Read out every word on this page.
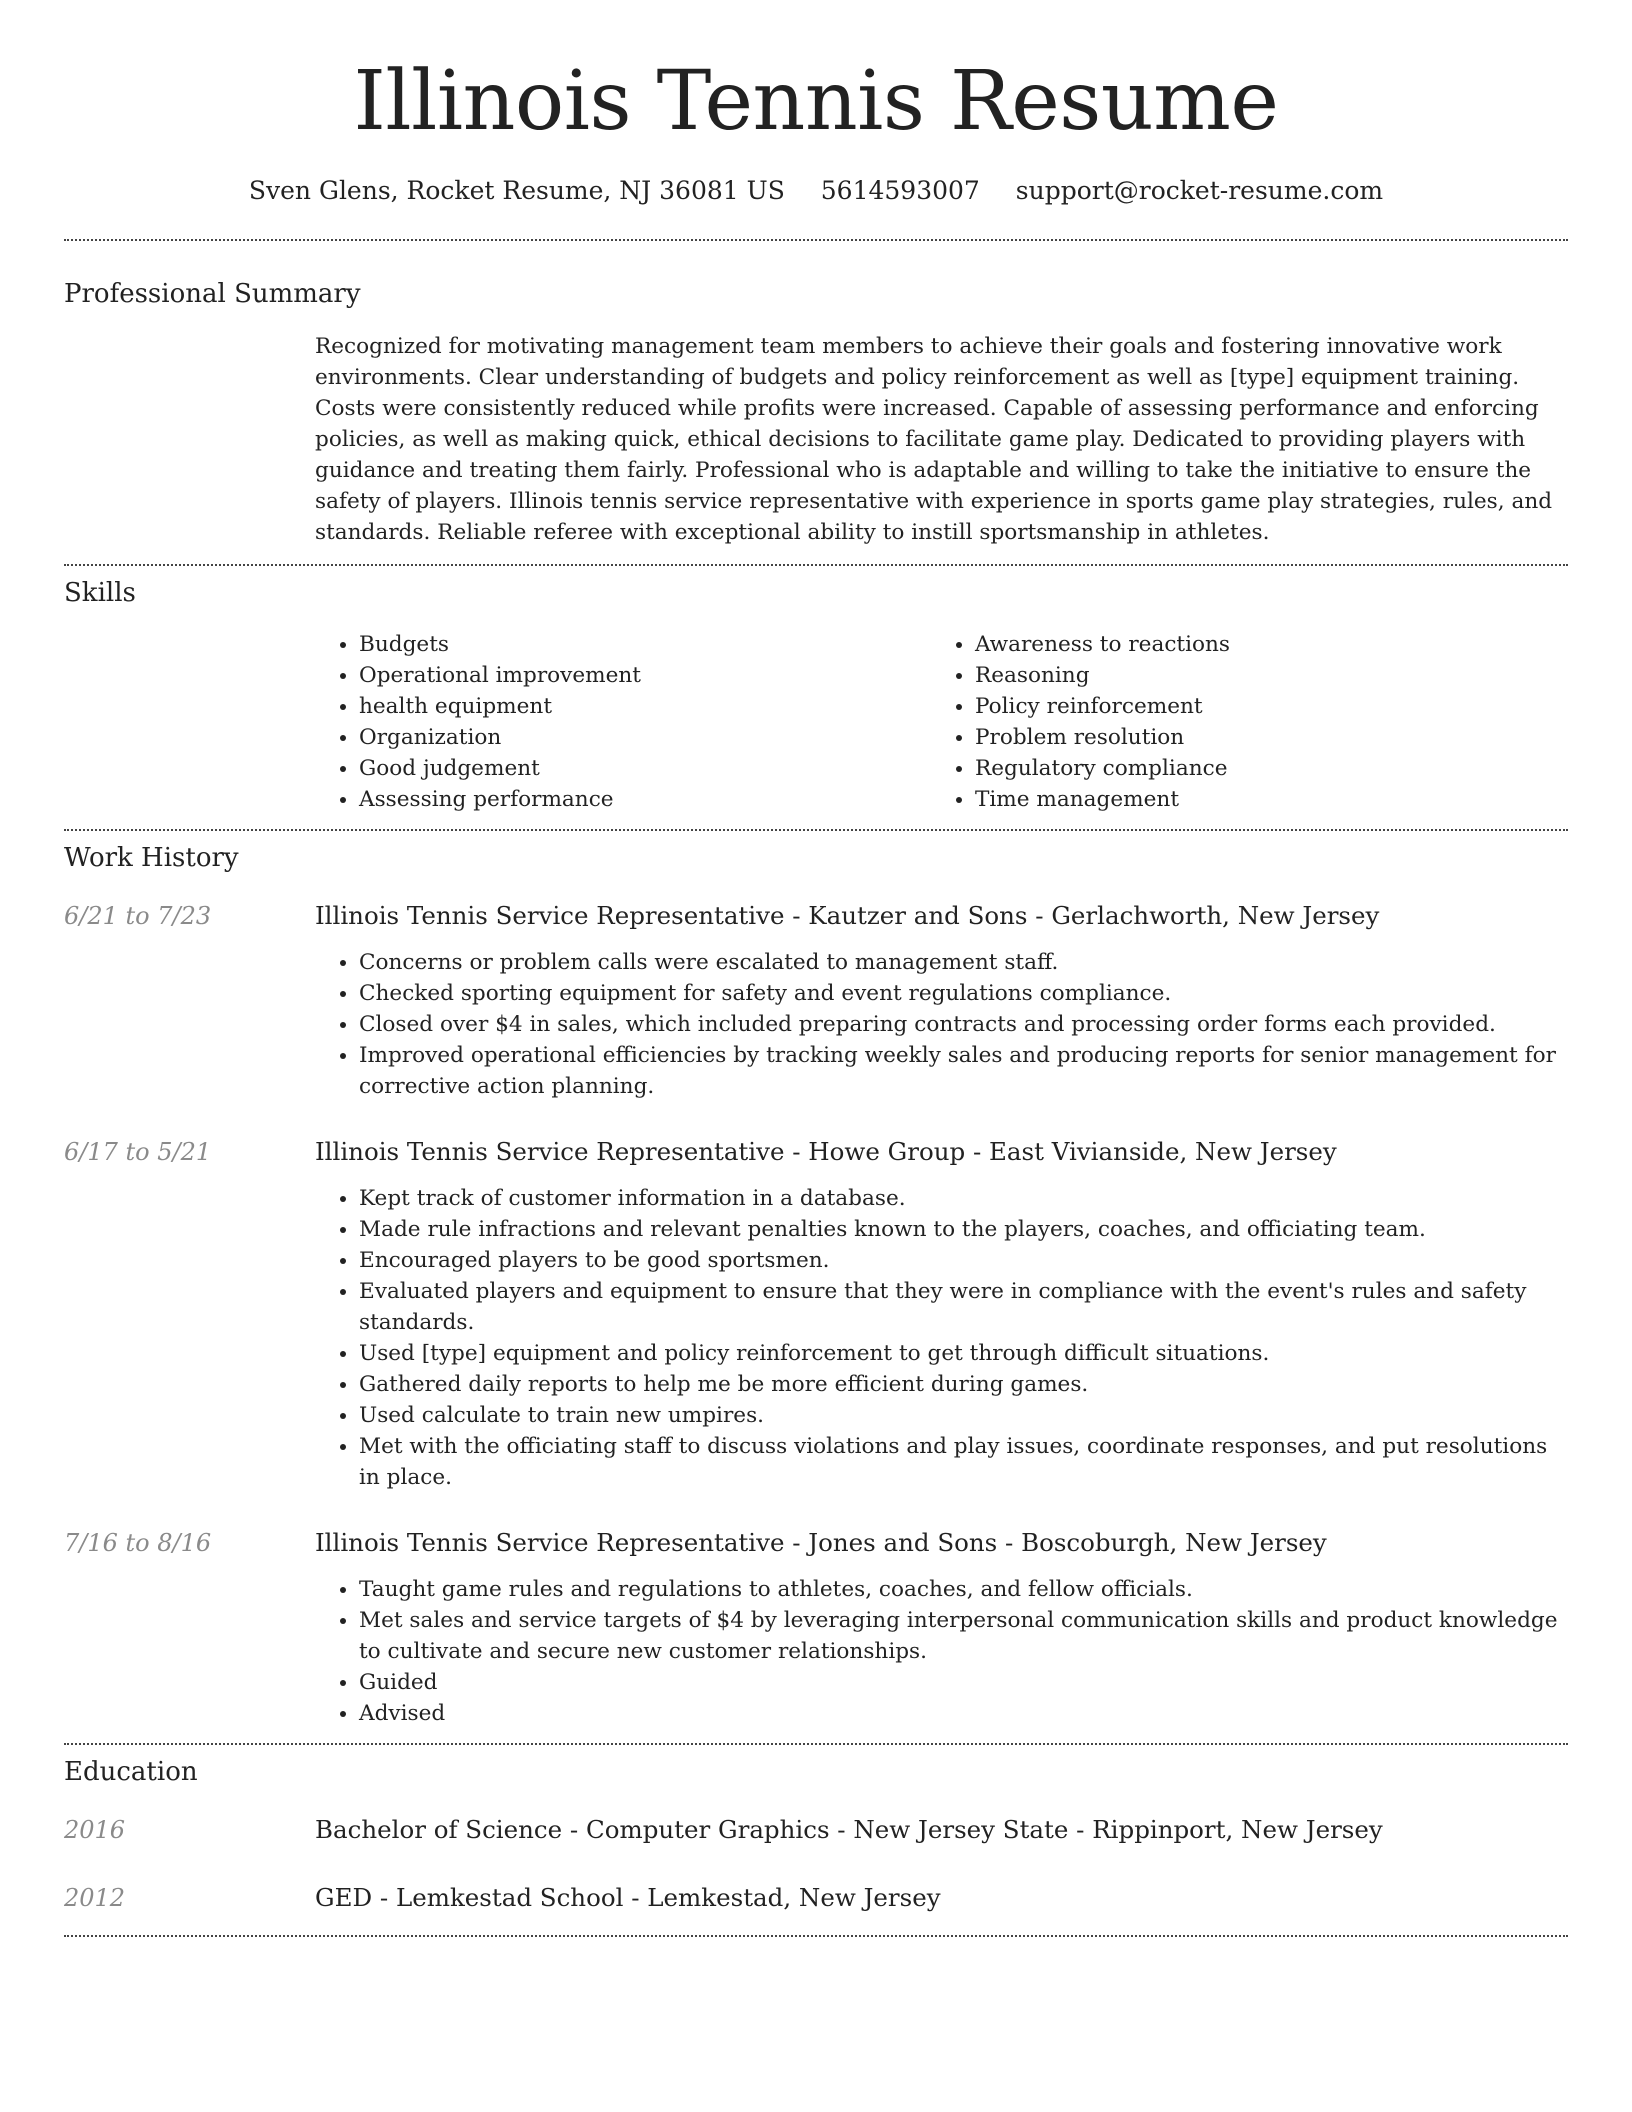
Illinois Tennis Resume
Sven Glens, Rocket Resume, NJ 36081 US 5614593007 support@rocket-resume.com
Professional Summary

Recognized for motivating management team members to achieve their goals and fostering innovative work environments. Clear understanding of budgets and policy reinforcement as well as [type] equipment training. Costs were consistently reduced while profits were increased. Capable of assessing performance and enforcing policies, as well as making quick, ethical decisions to facilitate game play. Dedicated to providing players with guidance and treating them fairly. Professional who is adaptable and willing to take the initiative to ensure the safety of players. Illinois tennis service representative with experience in sports game play strategies, rules, and standards. Reliable referee with exceptional ability to instill sportsmanship in athletes.

Skills
• Budgets
• Operational improvement
• health equipment
• Organization
• Good judgement
• Assessing performance
• Awareness to reactions
• Reasoning
• Policy reinforcement
• Problem resolution
• Regulatory compliance
• Time management
Work History
6/21 to 7/23	Illinois Tennis Service Representative - Kautzer and Sons - Gerlachworth, New Jersey

• Concerns or problem calls were escalated to management staff.
• Checked sporting equipment for safety and event regulations compliance.
• Closed over $4 in sales, which included preparing contracts and processing order forms each provided.
• Improved operational efficiencies by tracking weekly sales and producing reports for senior management for corrective action planning.
6/17 to 5/21	Illinois Tennis Service Representative - Howe Group - East Vivianside, New Jersey

• Kept track of customer information in a database.
• Made rule infractions and relevant penalties known to the players, coaches, and officiating team.
• Encouraged players to be good sportsmen.
• Evaluated players and equipment to ensure that they were in compliance with the event's rules and safety standards.
• Used [type] equipment and policy reinforcement to get through difficult situations.
• Gathered daily reports to help me be more efficient during games.
• Used calculate to train new umpires.
• Met with the officiating staff to discuss violations and play issues, coordinate responses, and put resolutions in place.
7/16 to 8/16	Illinois Tennis Service Representative - Jones and Sons - Boscoburgh, New Jersey

• Taught game rules and regulations to athletes, coaches, and fellow officials.
• Met sales and service targets of $4 by leveraging interpersonal communication skills and product knowledge to cultivate and secure new customer relationships.
• Guided
• Advised
Education
2016	Bachelor of Science - Computer Graphics - New Jersey State - Rippinport, New Jersey
2012	GED - Lemkestad School - Lemkestad, New Jersey
